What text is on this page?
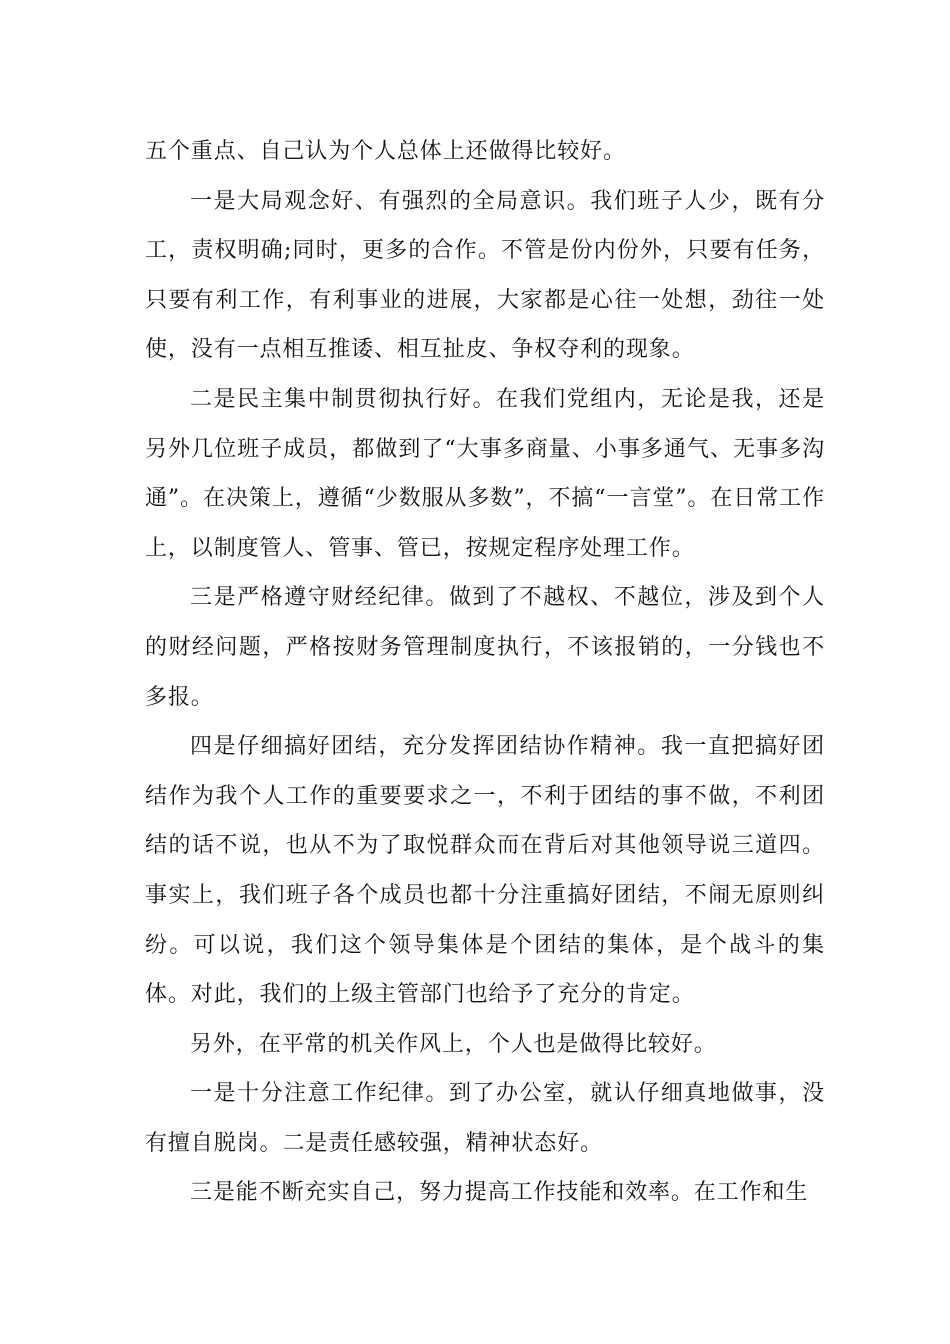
五个重点、自己认为个人总体上还做得比较好。

一是大局观念好、有强烈的全局意识。我们班子人少，既有分工，责权明确;同时，更多的合作。不管是份内份外，只要有任务，只要有利工作，有利事业的进展，大家都是心往一处想，劲往一处使，没有一点相互推诿、相互扯皮、争权夺利的现象。

二是民主集中制贯彻执行好。在我们党组内，无论是我，还是另外几位班子成员，都做到了“大事多商量、小事多通气、无事多沟通”。在决策上，遵循“少数服从多数”，不搞“一言堂”。在日常工作上，以制度管人、管事、管已，按规定程序处理工作。

三是严格遵守财经纪律。做到了不越权、不越位，涉及到个人的财经问题，严格按财务管理制度执行，不该报销的，一分钱也不多报。

四是仔细搞好团结，充分发挥团结协作精神。我一直把搞好团结作为我个人工作的重要要求之一，不利于团结的事不做，不利团结的话不说，也从不为了取悦群众而在背后对其他领导说三道四。事实上，我们班子各个成员也都十分注重搞好团结，不闹无原则纠纷。可以说，我们这个领导集体是个团结的集体，是个战斗的集体。对此，我们的上级主管部门也给予了充分的肯定。

另外，在平常的机关作风上，个人也是做得比较好。

一是十分注意工作纪律。到了办公室，就认仔细真地做事，没有擅自脱岗。二是责任感较强，精神状态好。

三是能不断充实自己，努力提高工作技能和效率。在工作和生
